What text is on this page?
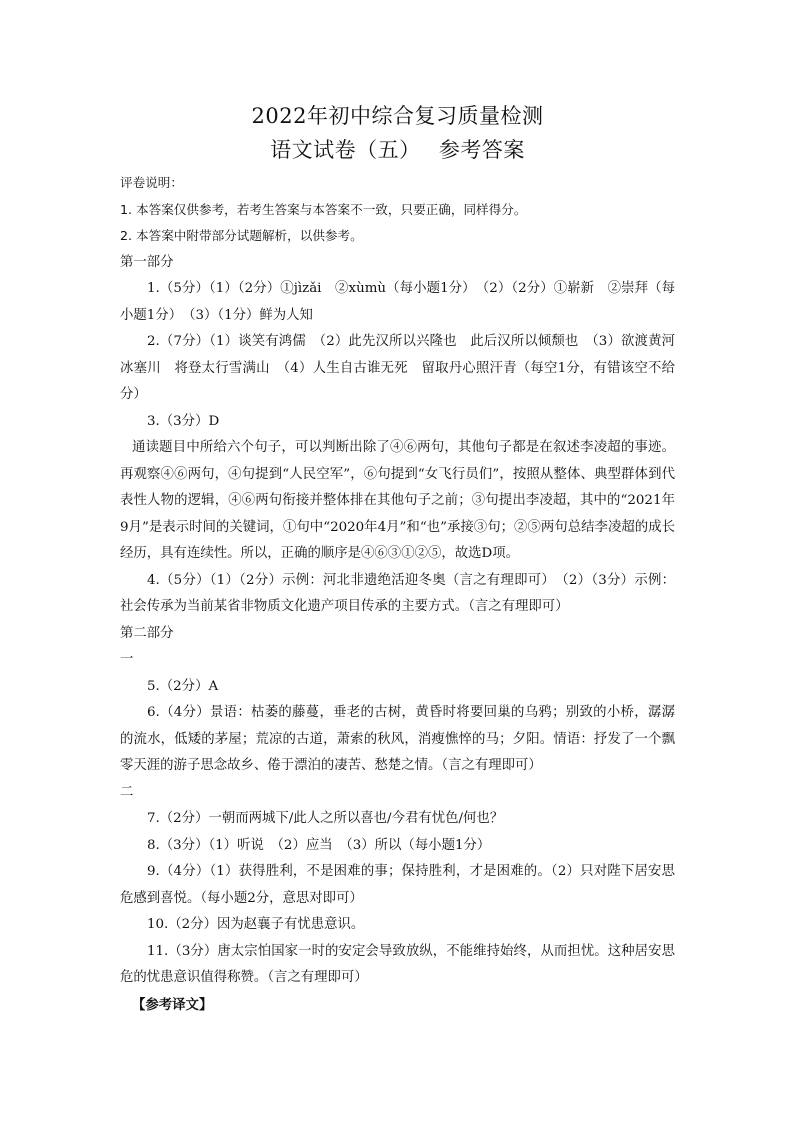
2022年初中综合复习质量检测
语文试卷（五）　 参考答案

评卷说明：

1. 本答案仅供参考，若考生答案与本答案不一致，只要正确，同样得分。

2. 本答案中附带部分试题解析，以供参考。

第一部分

1.（5分）（1）（2分）①jìzǎi　②xùmù（每小题1分）　（2）（2分）①崭新　②崇拜（每小题1分）　（3）（1分）鲜为人知

2.（7分）（1）谈笑有鸿儒　（2）此先汉所以兴隆也　此后汉所以倾颓也　（3）欲渡黄河冰塞川　将登太行雪满山　（4）人生自古谁无死　留取丹心照汗青（每空1分，有错该空不给分）

3.（3分）D

通读题目中所给六个句子，可以判断出除了④⑥两句，其他句子都是在叙述李凌超的事迹。再观察④⑥两句，④句提到“人民空军”，⑥句提到“女飞行员们”，按照从整体、典型群体到代表性人物的逻辑，④⑥两句衔接并整体排在其他句子之前；③句提出李凌超，其中的“2021年9月”是表示时间的关键词，①句中“2020年4月”和“也”承接③句；②⑤两句总结李凌超的成长经历，具有连续性。所以，正确的顺序是④⑥③①②⑤，故选D项。

4.（5分）（1）（2分）示例：河北非遗绝活迎冬奥（言之有理即可）　（2）（3分）示例：社会传承为当前某省非物质文化遗产项目传承的主要方式。（言之有理即可）

第二部分

一

5.（2分）A

6.（4分）景语：枯萎的藤蔓，垂老的古树，黄昏时将要回巢的乌鸦；别致的小桥，潺潺的流水，低矮的茅屋；荒凉的古道，萧索的秋风，消瘦憔悴的马；夕阳。情语：抒发了一个飘零天涯的游子思念故乡、倦于漂泊的凄苦、愁楚之情。（言之有理即可）

二

7.（2分）一朝而两城下/此人之所以喜也/今君有忧色/何也？

8.（3分）（1）听说　（2）应当　（3）所以（每小题1分）

9.（4分）（1）获得胜利，不是困难的事；保持胜利，才是困难的。（2）只对陛下居安思危感到喜悦。（每小题2分，意思对即可）

10.（2分）因为赵襄子有忧患意识。

11.（3分）唐太宗怕国家一时的安定会导致放纵，不能维持始终，从而担忧。这种居安思危的忧患意识值得称赞。（言之有理即可）

【参考译文】
